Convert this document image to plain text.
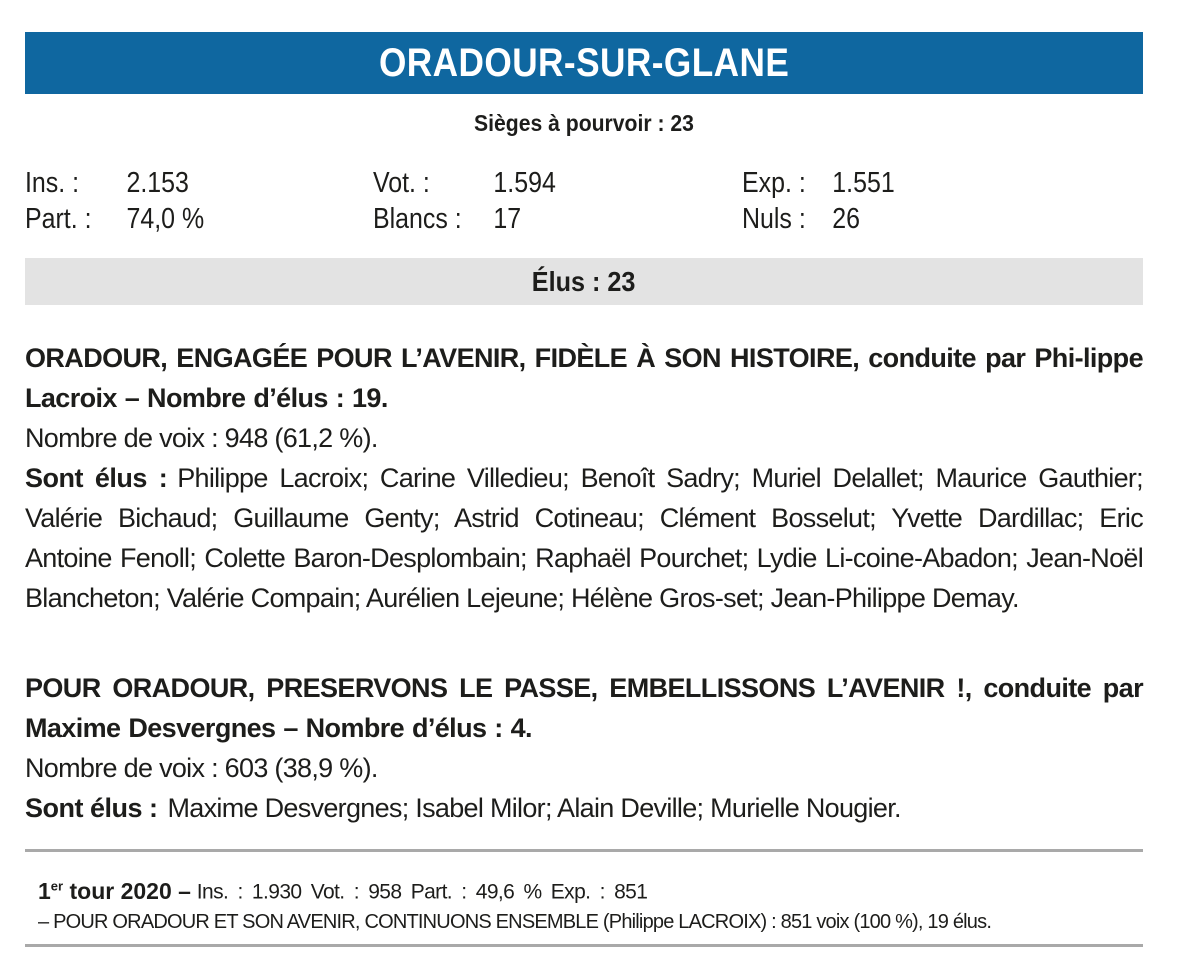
ORADOUR-SUR-GLANE
Sièges à pourvoir : 23
Ins. : 2.153
Part. : 74,0 %
Vot. : 1.594
Blancs : 17
Exp. : 1.551
Nuls : 26
Élus : 23
ORADOUR, ENGAGÉE POUR L’AVENIR, FIDÈLE À SON HISTOIRE, conduite par Phi-lippe Lacroix – Nombre d’élus : 19.
Nombre de voix : 948 (61,2 %).
Sont élus : Philippe Lacroix; Carine Villedieu; Benoît Sadry; Muriel Delallet; Maurice Gauthier; Valérie Bichaud; Guillaume Genty; Astrid Cotineau; Clément Bosselut; Yvette Dardillac; Eric Antoine Fenoll; Colette Baron-Desplombain; Raphaël Pourchet; Lydie Li-coine-Abadon; Jean-Noël Blancheton; Valérie Compain; Aurélien Lejeune; Hélène Gros-set; Jean-Philippe Demay.
POUR ORADOUR, PRESERVONS LE PASSE, EMBELLISSONS L’AVENIR !, conduite par Maxime Desvergnes – Nombre d’élus : 4.
Nombre de voix : 603 (38,9 %).
Sont élus : Maxime Desvergnes; Isabel Milor; Alain Deville; Murielle Nougier.
1er tour 2020 – Ins. : 1.930 Vot. : 958 Part. : 49,6 % Exp. : 851
– POUR ORADOUR ET SON AVENIR, CONTINUONS ENSEMBLE (Philippe LACROIX) : 851 voix (100 %), 19 élus.
